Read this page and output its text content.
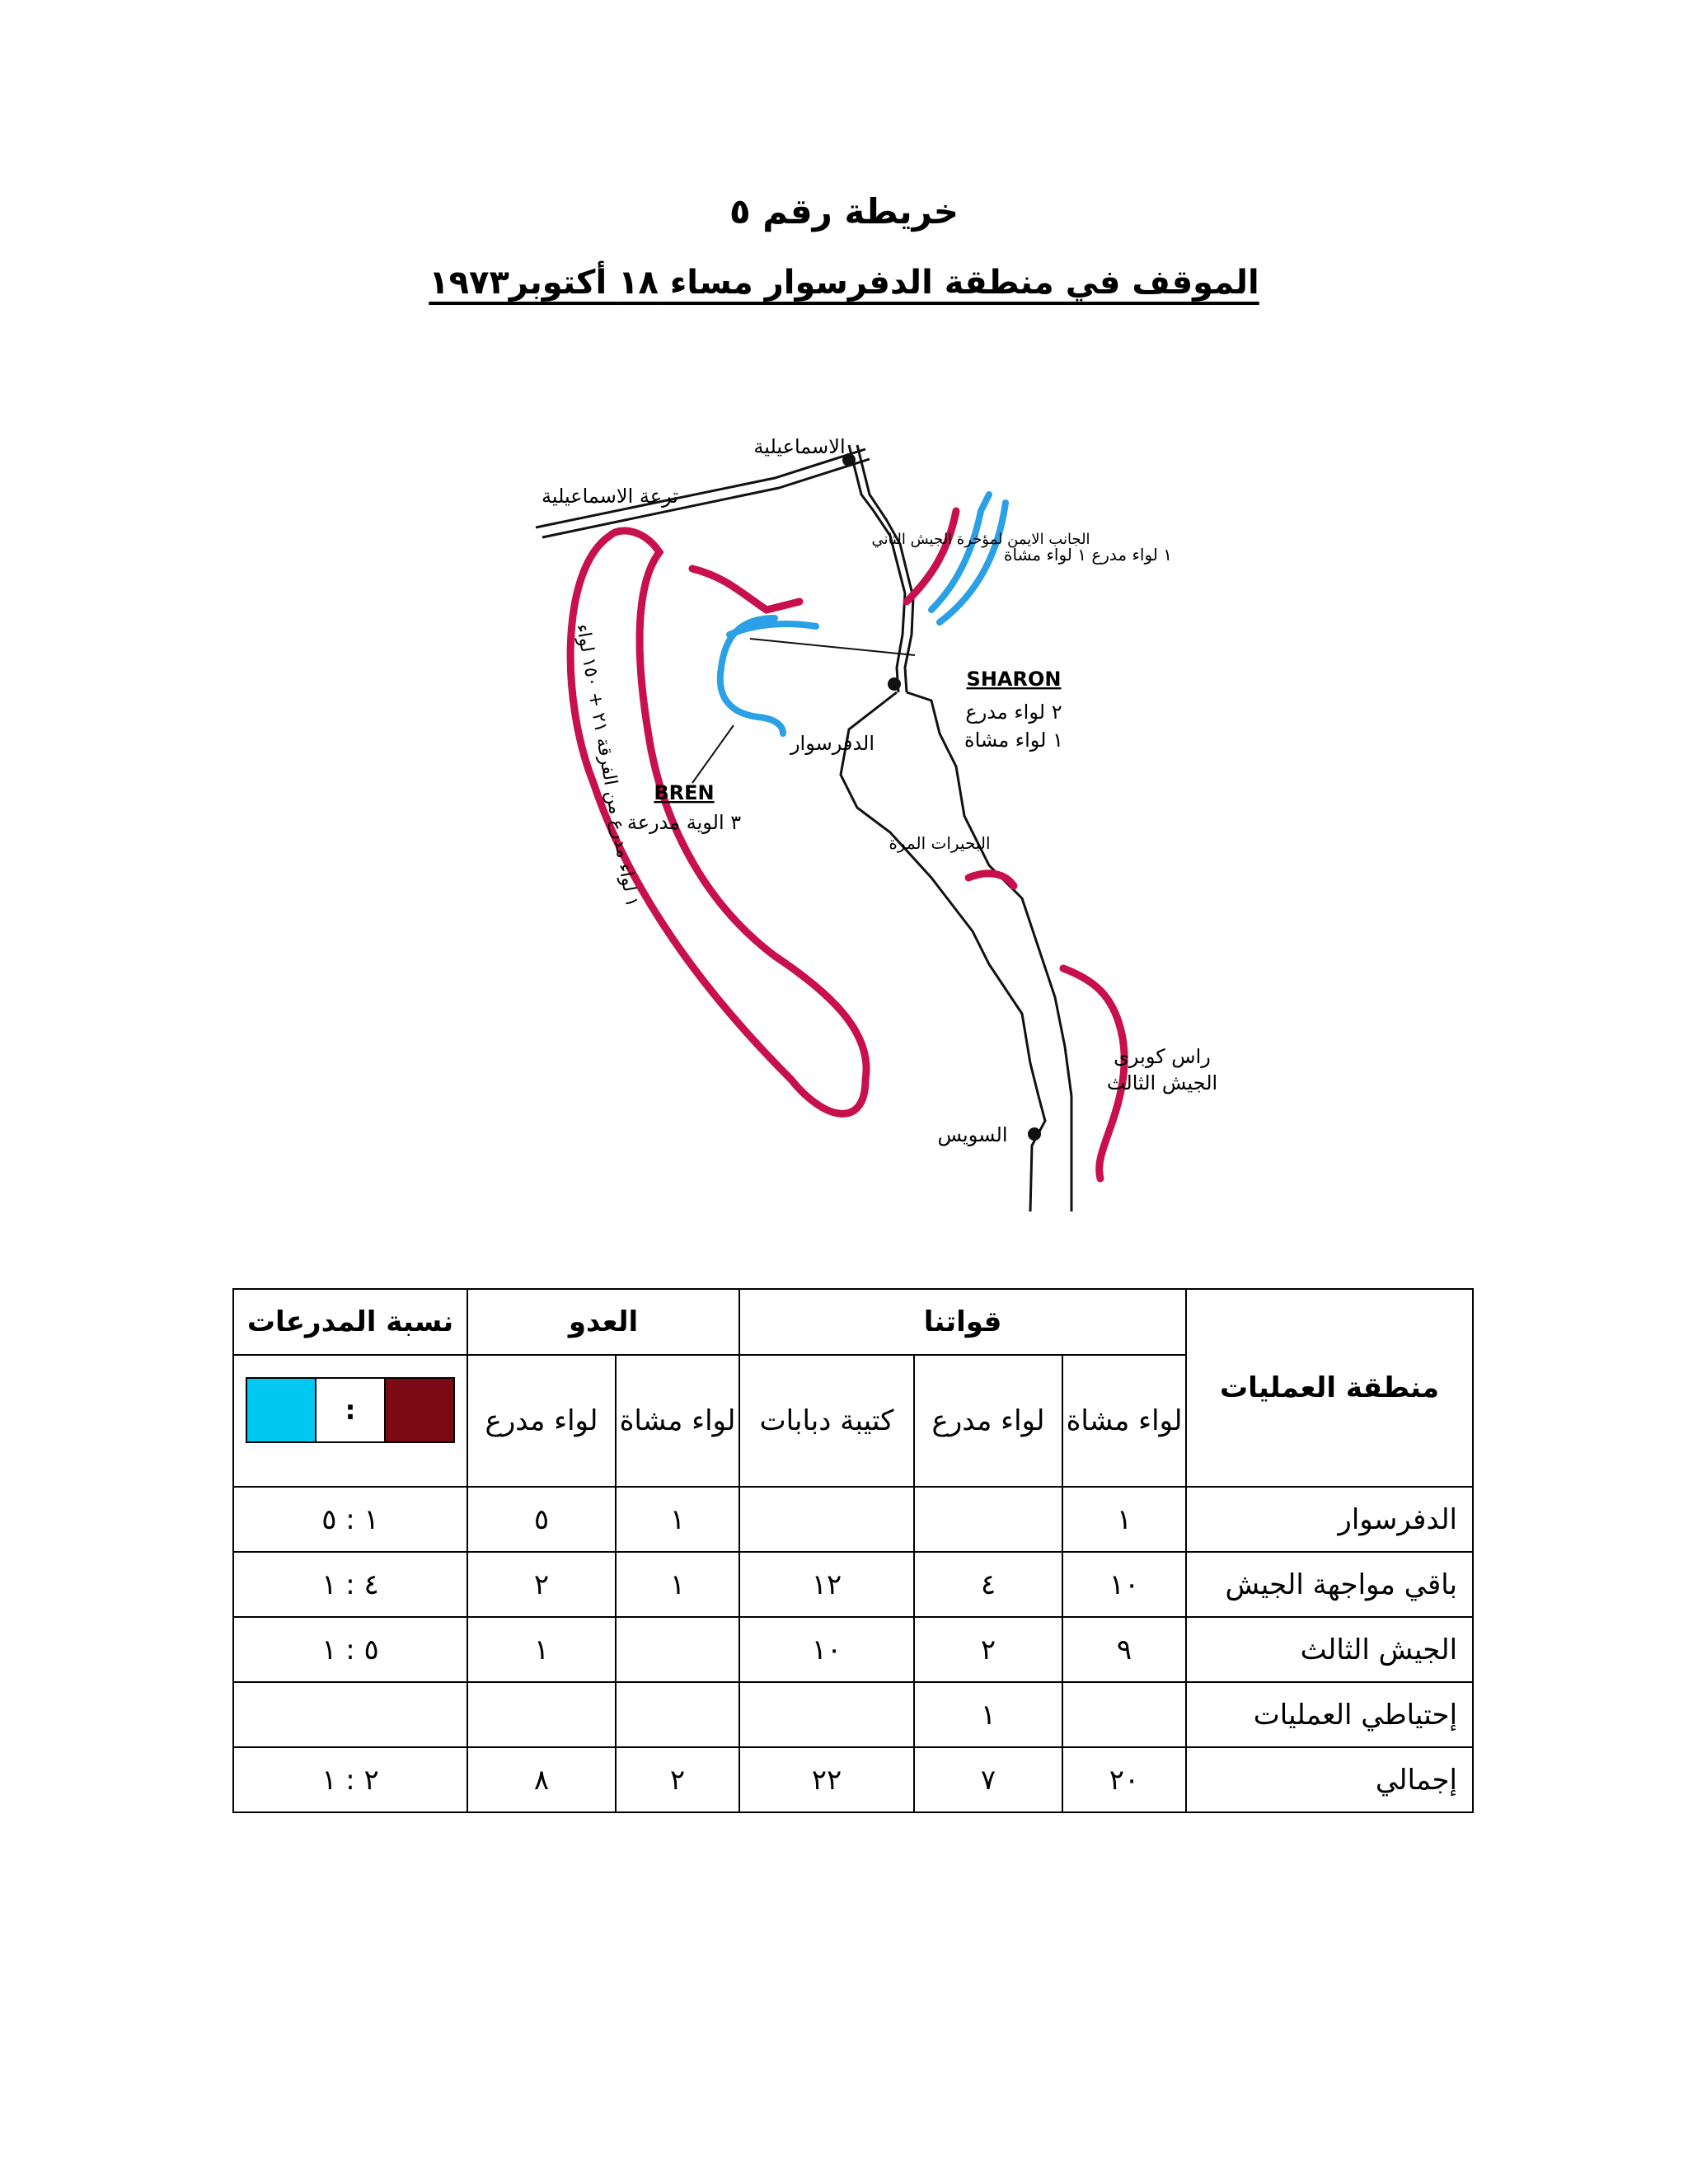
خريطة رقم ٥
الموقف في منطقة الدفرسوار مساء ١٨ أكتوبر١٩٧٣
الاسماعيلية
ترعة الاسماعيلية
الجانب الايمن لمؤخرة الجيش الثاني
١ لواء مدرع ١ لواء مشاة
SHARON
٢ لواء مدرع
١ لواء مشاة
الدفرسوار
BREN
٣ الوية مدرعة
البحيرات المرة
راس كوبرى
الجيش الثالث
السويس
١ لواء مدرع من الفرقة ٢١ + ١٥٠ لواء
منطقة العمليات	قواتنا			العدو		نسبة المدرعات
	لواء مشاة	لواء مدرع	كتيبة دبابات	لواء مشاة	لواء مدرع	:

الدفرسوار	١			١	٥	١ : ٥
باقي مواجهة الجيش	١٠	٤	١٢	١	٢	٤ : ١
الجيش الثالث	٩	٢	١٠		١	٥ : ١
إحتياطي العمليات		١				
إجمالي	٢٠	٧	٢٢	٢	٨	٢ : ١
